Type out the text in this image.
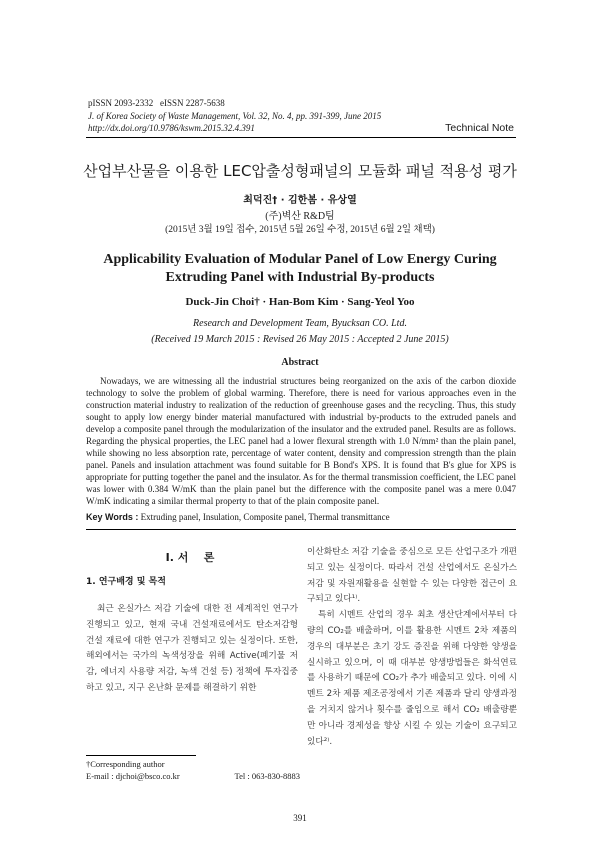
pISSN 2093-2332   eISSN 2287-5638
J. of Korea Society of Waste Management, Vol. 32, No. 4, pp. 391-399, June 2015
http://dx.doi.org/10.9786/kswm.2015.32.4.391	Technical Note
산업부산물을 이용한 LEC압출성형패널의 모듈화 패널 적용성 평가
최덕진† · 김한봄 · 유상열
(주)벽산 R&D팀
(2015년 3월 19일 접수, 2015년 5월 26일 수정, 2015년 6월 2일 채택)
Applicability Evaluation of Modular Panel of Low Energy Curing
Extruding Panel with Industrial By-products
Duck-Jin Choi† · Han-Bom Kim · Sang-Yeol Yoo
Research and Development Team, Byucksan CO. Ltd.
(Received 19 March 2015 : Revised 26 May 2015 : Accepted 2 June 2015)
Abstract

Nowadays, we are witnessing all the industrial structures being reorganized on the axis of the carbon dioxide technology to solve the problem of global warming. Therefore, there is need for various approaches even in the construction material industry to realization of the reduction of greenhouse gases and the recycling. Thus, this study sought to apply low energy binder material manufactured with industrial by-products to the extruded panels and develop a composite panel through the modularization of the insulator and the extruded panel. Results are as follows. Regarding the physical properties, the LEC panel had a lower flexural strength with 1.0 N/mm² than the plain panel, while showing no less absorption rate, percentage of water content, density and compression strength than the plain panel. Panels and insulation attachment was found suitable for B Bond's XPS. It is found that B's glue for XPS is appropriate for putting together the panel and the insulator. As for the thermal transmission coefficient, the LEC panel was lower with 0.384 W/mK than the plain panel but the difference with the composite panel was a mere 0.047 W/mK indicating a similar thermal property to that of the plain composite panel.

Key Words : Extruding panel, Insulation, Composite panel, Thermal transmittance
I. 서    론
1. 연구배경 및 목적

최근 온실가스 저감 기술에 대한 전 세계적인 연구가 진행되고 있고, 현재 국내 건설재료에서도 탄소저감형 건설 재료에 대한 연구가 진행되고 있는 실정이다. 또한, 해외에서는 국가의 녹색성장을 위해 Active(폐기물 저감, 에너지 사용량 저감, 녹색 건설 등) 정책에 투자집중 하고 있고, 지구 온난화 문제를 해결하기 위한

이산화탄소 저감 기술을 중심으로 모든 산업구조가 개편되고 있는 실정이다. 따라서 건설 산업에서도 온실가스 저감 및 자원재활용을 실현할 수 있는 다양한 접근이 요구되고 있다¹⁾.

특히 시멘트 산업의 경우 최초 생산단계에서부터 다량의 CO₂를 배출하며, 이를 활용한 시멘트 2차 제품의 경우의 대부분은 초기 강도 증진을 위해 다양한 양생을 실시하고 있으며, 이 때 대부분 양생방법들은 화석연료를 사용하기 때문에 CO₂가 추가 배출되고 있다. 이에 시멘트 2차 제품 제조공정에서 기존 제품과 달리 양생과정을 거치지 않거나 횟수를 줄임으로 해서 CO₂ 배출량뿐만 아니라 경제성을 향상 시킬 수 있는 기술이 요구되고 있다²⁾.

†Corresponding author
E-mail : djchoi@bsco.co.kr	Tel : 063-830-8883
391
